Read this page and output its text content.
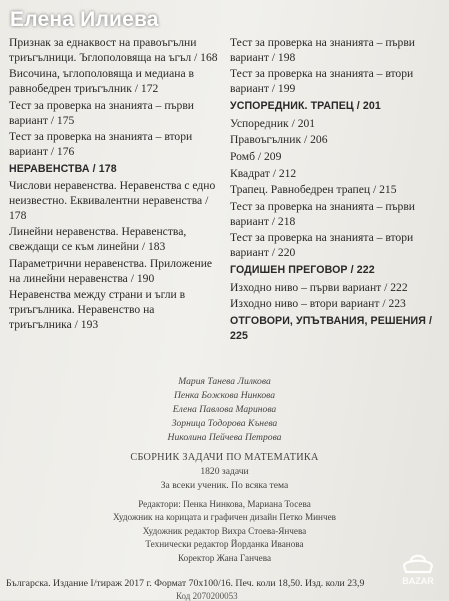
Елена Илиева
Признак за еднаквост на правоъгълни триъгълници. Ъглополовяща на ъгъл / 168
Височина, ъглополовяща и медиана в равнобедрен триъгълник / 172
Тест за проверка на знанията – първи вариант / 175
Тест за проверка на знанията – втори вариант / 176
НЕРАВЕНСТВА / 178
Числови неравенства. Неравенства с едно неизвестно. Еквивалентни неравенства / 178
Линейни неравенства. Неравенства, свеждащи се към линейни / 183
Параметрични неравенства. Приложение на линейни неравенства / 190
Неравенства между страни и ъгли в триъгълника. Неравенство на триъгълника / 193
Тест за проверка на знанията – първи вариант / 198
Тест за проверка на знанията – втори вариант / 199
УСПОРЕДНИК. ТРАПЕЦ / 201
Успоредник / 201
Правоъгълник / 206
Ромб / 209
Квадрат / 212
Трапец. Равнобедрен трапец / 215
Тест за проверка на знанията – първи вариант / 218
Тест за проверка на знанията – втори вариант / 220
ГОДИШЕН ПРЕГОВОР / 222
Изходно ниво – първи вариант / 222
Изходно ниво – втори вариант / 223
ОТГОВОРИ, УПЪТВАНИЯ, РЕШЕНИЯ / 225
Мария Танева Лилкова
Пенка Божкова Нинкова
Елена Павлова Маринова
Зорница Тодорова Кънева
Николина Пейчева Петрова
СБОРНИК ЗАДАЧИ ПО МАТЕМАТИКА
1820 задачи
За всеки ученик. По всяка тема
Редактори: Пенка Нинкова, Мариана Тосева
Художник на корицата и графичен дизайн Петко Минчев
Художник редактор Вихра Стоева-Янчева
Технически редактор Йорданка Иванова
Коректор Жана Ганчева
Българска. Издание I/тираж 2017 г. Формат 70x100/16. Печ. коли 18,50. Изд. коли 23,9
Код 2070200053
BAZAR
